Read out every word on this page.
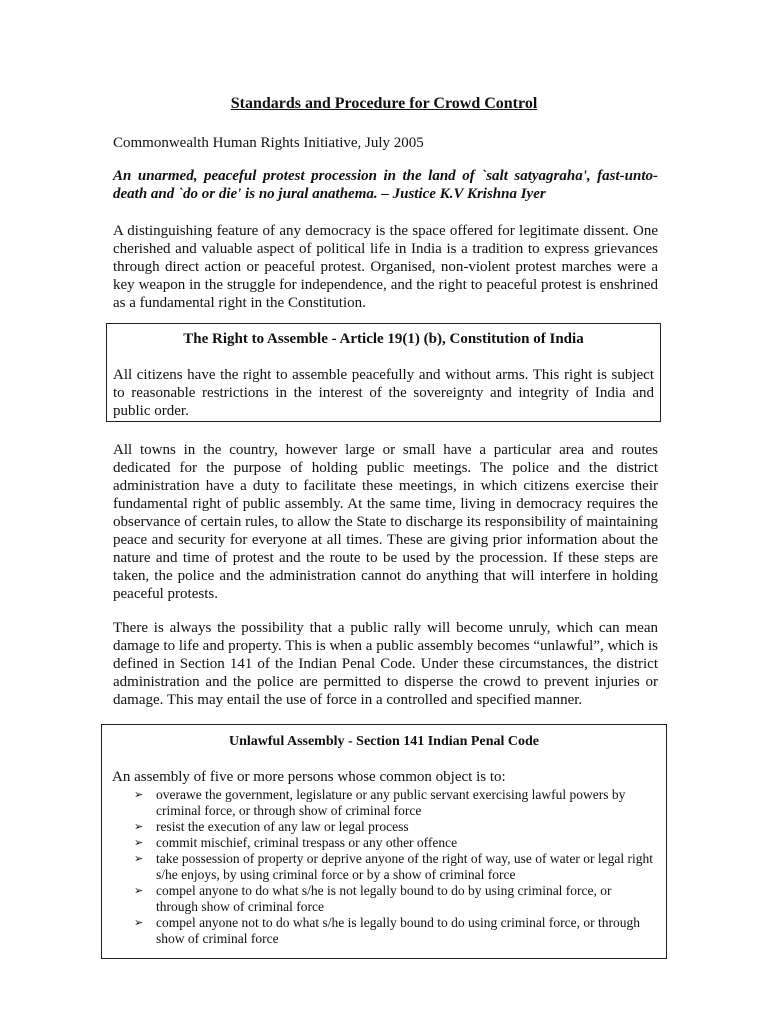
Standards and Procedure for Crowd Control
Commonwealth Human Rights Initiative, July 2005
An unarmed, peaceful protest procession in the land of `salt satyagraha', fast-unto-death and `do or die' is no jural anathema. – Justice K.V Krishna Iyer

A distinguishing feature of any democracy is the space offered for legitimate dissent. One cherished and valuable aspect of political life in India is a tradition to express grievances through direct action or peaceful protest. Organised, non-violent protest marches were a key weapon in the struggle for independence, and the right to peaceful protest is enshrined as a fundamental right in the Constitution.

The Right to Assemble - Article 19(1) (b), Constitution of India
All citizens have the right to assemble peacefully and without arms. This right is subject to reasonable restrictions in the interest of the sovereignty and integrity of India and public order.

All towns in the country, however large or small have a particular area and routes dedicated for the purpose of holding public meetings. The police and the district administration have a duty to facilitate these meetings, in which citizens exercise their fundamental right of public assembly. At the same time, living in democracy requires the observance of certain rules, to allow the State to discharge its responsibility of maintaining peace and security for everyone at all times. These are giving prior information about the nature and time of protest and the route to be used by the procession. If these steps are taken, the police and the administration cannot do anything that will interfere in holding peaceful protests.

There is always the possibility that a public rally will become unruly, which can mean damage to life and property. This is when a public assembly becomes “unlawful”, which is defined in Section 141 of the Indian Penal Code. Under these circumstances, the district administration and the police are permitted to disperse the crowd to prevent injuries or damage. This may entail the use of force in a controlled and specified manner.

Unlawful Assembly - Section 141 Indian Penal Code
An assembly of five or more persons whose common object is to:
➢ overawe the government, legislature or any public servant exercising lawful powers by criminal force, or through show of criminal force
➢ resist the execution of any law or legal process
➢ commit mischief, criminal trespass or any other offence
➢ take possession of property or deprive anyone of the right of way, use of water or legal right s/he enjoys, by using criminal force or by a show of criminal force
➢ compel anyone to do what s/he is not legally bound to do by using criminal force, or through show of criminal force
➢ compel anyone not to do what s/he is legally bound to do using criminal force, or through show of criminal force
